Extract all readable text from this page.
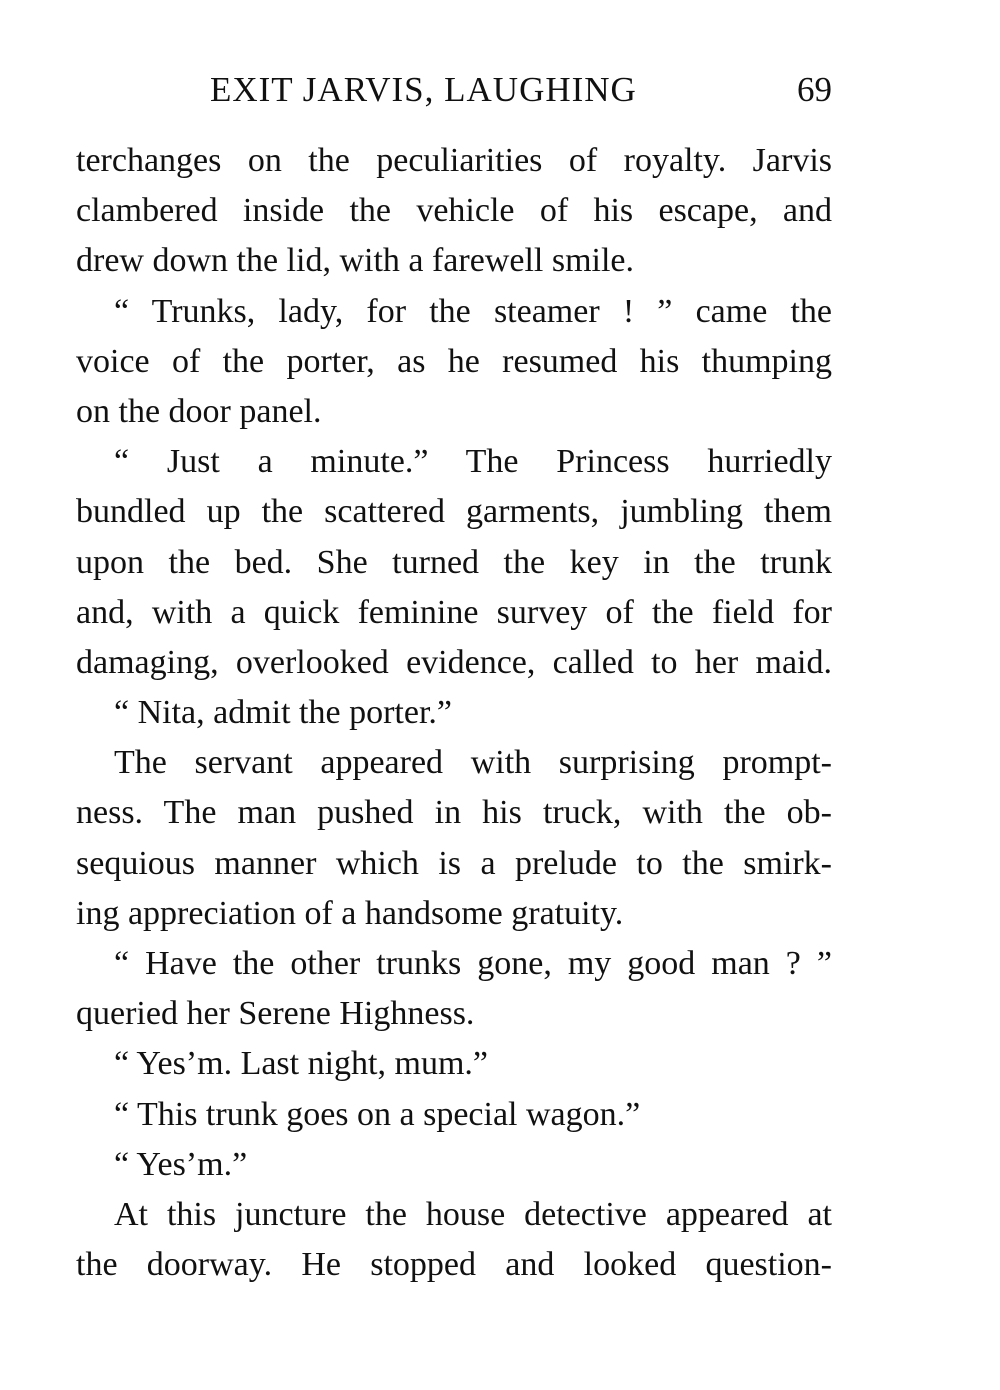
EXIT JARVIS, LAUGHING	69
terchanges on the peculiarities of royalty. Jarvis
clambered inside the vehicle of his escape, and
drew down the lid, with a farewell smile.
“ Trunks, lady, for the steamer ! ” came the
voice of the porter, as he resumed his thumping
on the door panel.
“ Just a minute.” The Princess hurriedly
bundled up the scattered garments, jumbling them
upon the bed. She turned the key in the trunk
and, with a quick feminine survey of the field for
damaging, overlooked evidence, called to her maid.
“ Nita, admit the porter.”
The servant appeared with surprising prompt-
ness. The man pushed in his truck, with the ob-
sequious manner which is a prelude to the smirk-
ing appreciation of a handsome gratuity.
“ Have the other trunks gone, my good man ? ”
queried her Serene Highness.
“ Yes’m. Last night, mum.”
“ This trunk goes on a special wagon.”
“ Yes’m.”
At this juncture the house detective appeared at
the doorway. He stopped and looked question-
